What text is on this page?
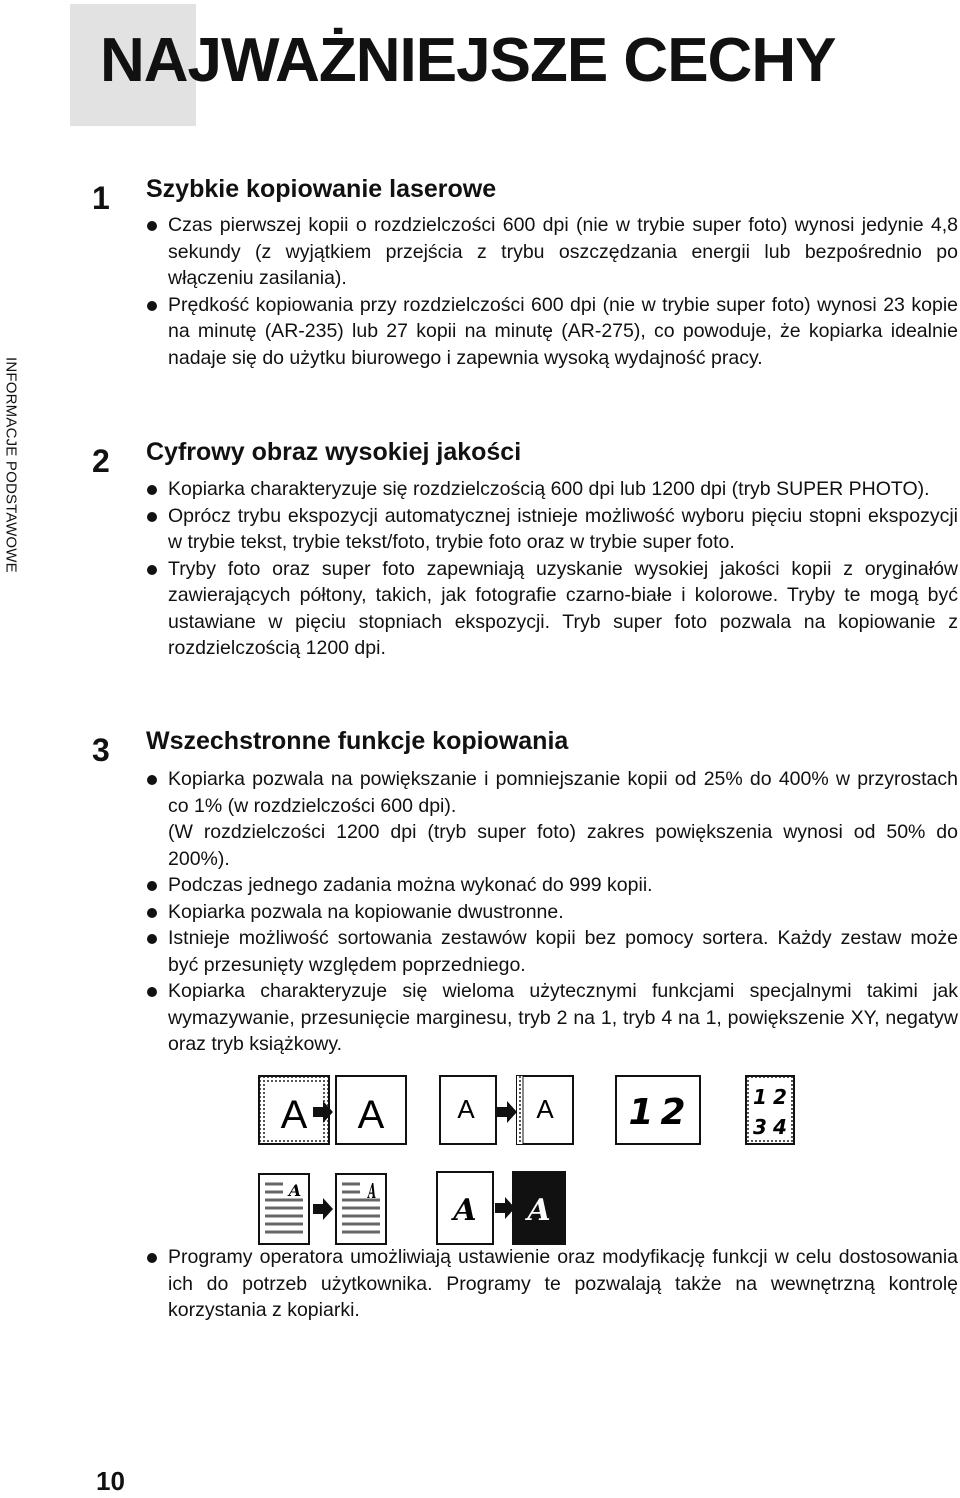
NAJWAŻNIEJSZE CECHY
INFORMACJE PODSTAWOWE
1	Szybkie kopiowanie laserowe
Czas pierwszej kopii o rozdzielczości 600 dpi (nie w trybie super foto) wynosi jedynie 4,8 sekundy (z wyjątkiem przejścia z trybu oszczędzania energii lub bezpośrednio po włączeniu zasilania).
Prędkość kopiowania przy rozdzielczości 600 dpi (nie w trybie super foto) wynosi 23 kopie na minutę (AR-235) lub 27 kopii na minutę (AR-275), co powoduje, że kopiarka idealnie nadaje się do użytku biurowego i zapewnia wysoką wydajność pracy.
2	Cyfrowy obraz wysokiej jakości
Kopiarka charakteryzuje się rozdzielczością 600 dpi lub 1200 dpi (tryb SUPER PHOTO).
Oprócz trybu ekspozycji automatycznej istnieje możliwość wyboru pięciu stopni ekspozycji w trybie tekst, trybie tekst/foto, trybie foto oraz w trybie super foto.
Tryby foto oraz super foto zapewniają uzyskanie wysokiej jakości kopii z oryginałów zawierających półtony, takich, jak fotografie czarno-białe i kolorowe. Tryby te mogą być ustawiane w pięciu stopniach ekspozycji. Tryb super foto pozwala na kopiowanie z rozdzielczością 1200 dpi.
3	Wszechstronne funkcje kopiowania
Kopiarka pozwala na powiększanie i pomniejszanie kopii od 25% do 400% w przyrostach co 1% (w rozdzielczości 600 dpi).
(W rozdzielczości 1200 dpi (tryb super foto) zakres powiększenia wynosi od 50% do 200%).
Podczas jednego zadania można wykonać do 999 kopii.
Kopiarka pozwala na kopiowanie dwustronne.
Istnieje możliwość sortowania zestawów kopii bez pomocy sortera. Każdy zestaw może być przesunięty względem poprzedniego.
Kopiarka charakteryzuje się wieloma użytecznymi funkcjami specjalnymi takimi jak wymazywanie, przesunięcie marginesu, tryb 2 na 1, tryb 4 na 1, powiększenie XY, negatyw oraz tryb książkowy.
Programy operatora umożliwiają ustawienie oraz modyfikację funkcji w celu dostosowania ich do potrzeb użytkownika. Programy te pozwalają także na wewnętrzną kontrolę korzystania z kopiarki.
A A	A A 1 2	1 2
3 4
A	A
A A
10
